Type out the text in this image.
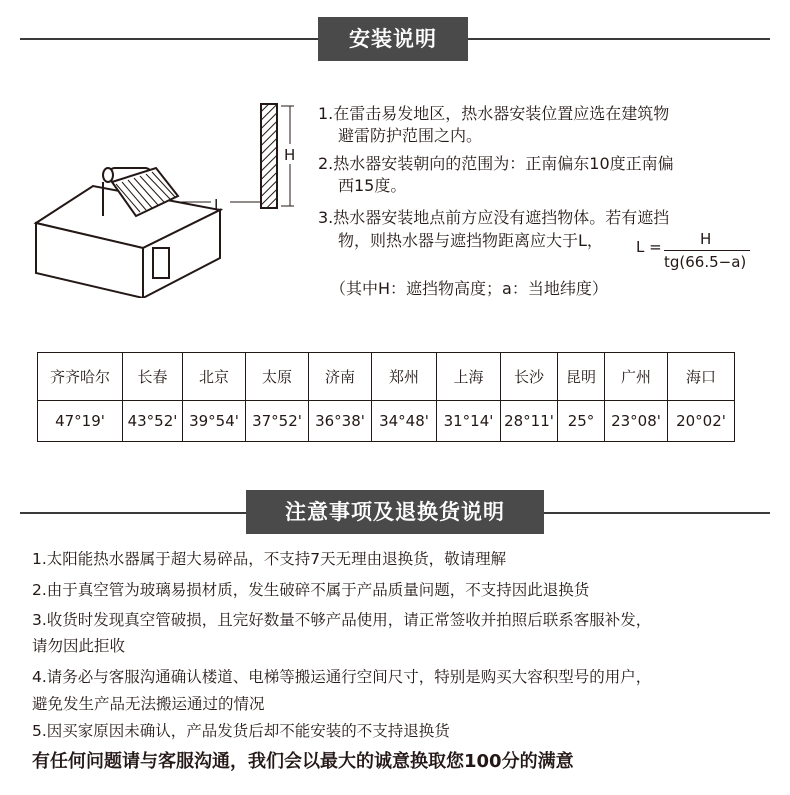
安装说明
H
L
1.在雷击易发地区，热水器安装位置应选在建筑物
避雷防护范围之内。
2.热水器安装朝向的范围为：正南偏东10度正南偏
西15度。
3.热水器安装地点前方应没有遮挡物体。若有遮挡
物，则热水器与遮挡物距离应大于L， L =	H
tg(66.5−a)
（其中H：遮挡物高度；a：当地纬度）
齐齐哈尔	长春	北京	太原	济南	郑州	上海	长沙	昆明	广州	海口
47°19'	43°52'	39°54'	37°52'	36°38'	34°48'	31°14'	28°11'	25°	23°08'	20°02'
注意事项及退换货说明
1.太阳能热水器属于超大易碎品，不支持7天无理由退换货，敬请理解
2.由于真空管为玻璃易损材质，发生破碎不属于产品质量问题，不支持因此退换货
3.收货时发现真空管破损，且完好数量不够产品使用，请正常签收并拍照后联系客服补发，
请勿因此拒收
4.请务必与客服沟通确认楼道、电梯等搬运通行空间尺寸，特别是购买大容积型号的用户，
避免发生产品无法搬运通过的情况
5.因买家原因未确认，产品发货后却不能安装的不支持退换货
有任何问题请与客服沟通，我们会以最大的诚意换取您100分的满意
